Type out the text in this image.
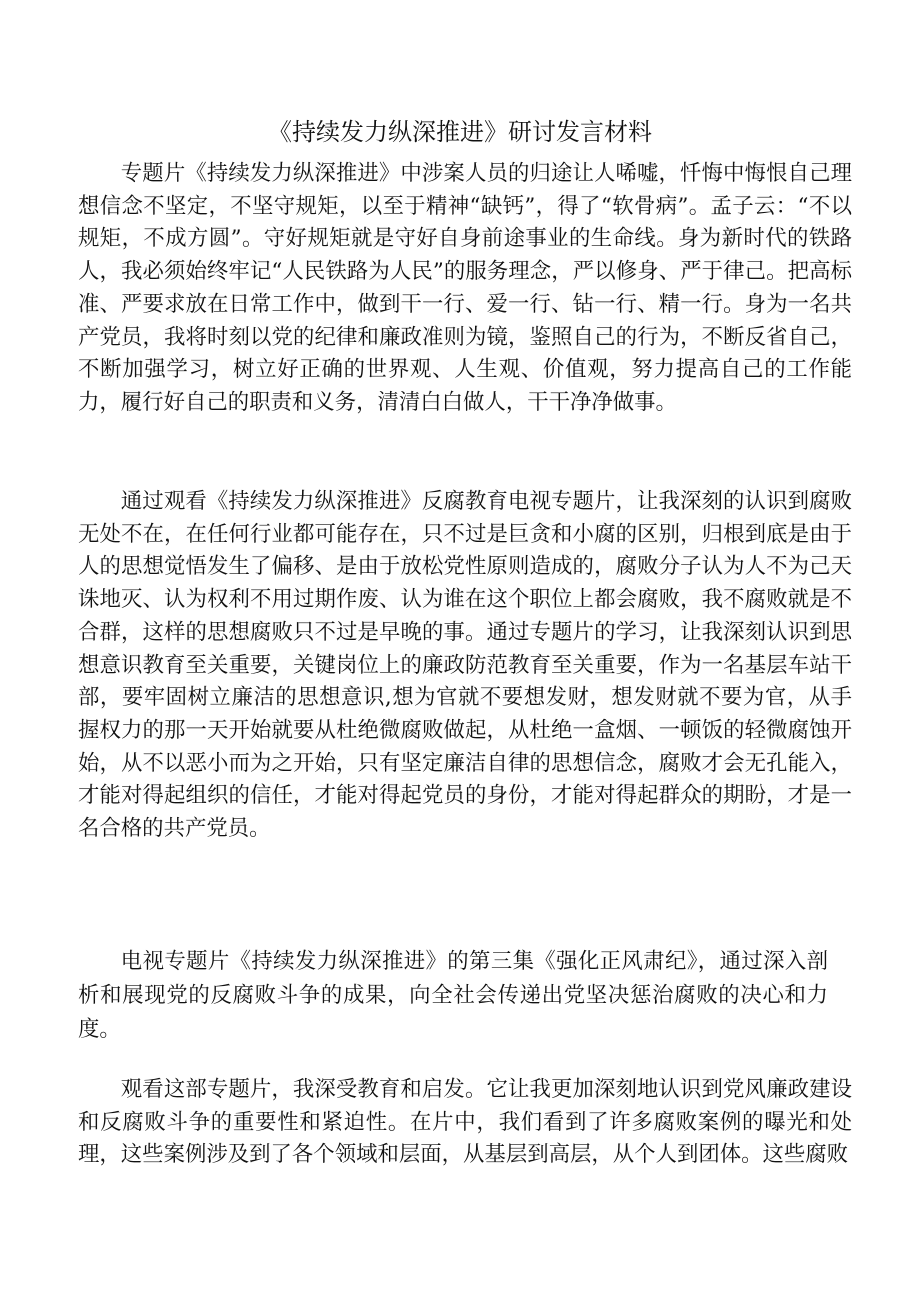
《持续发力纵深推进》研讨发言材料

专题片《持续发力纵深推进》中涉案人员的归途让人唏嘘，忏悔中悔恨自己理想信念不坚定，不坚守规矩，以至于精神“缺钙”，得了“软骨病”。孟子云：“不以规矩，不成方圆”。守好规矩就是守好自身前途事业的生命线。身为新时代的铁路人，我必须始终牢记“人民铁路为人民”的服务理念，严以修身、严于律己。把高标准、严要求放在日常工作中，做到干一行、爱一行、钻一行、精一行。身为一名共产党员，我将时刻以党的纪律和廉政准则为镜，鉴照自己的行为，不断反省自己，不断加强学习，树立好正确的世界观、人生观、价值观，努力提高自己的工作能力，履行好自己的职责和义务，清清白白做人，干干净净做事。

通过观看《持续发力纵深推进》反腐教育电视专题片，让我深刻的认识到腐败无处不在，在任何行业都可能存在，只不过是巨贪和小腐的区别，归根到底是由于人的思想觉悟发生了偏移、是由于放松党性原则造成的，腐败分子认为人不为己天诛地灭、认为权利不用过期作废、认为谁在这个职位上都会腐败，我不腐败就是不合群，这样的思想腐败只不过是早晚的事。通过专题片的学习，让我深刻认识到思想意识教育至关重要，关键岗位上的廉政防范教育至关重要，作为一名基层车站干部，要牢固树立廉洁的思想意识,想为官就不要想发财，想发财就不要为官，从手握权力的那一天开始就要从杜绝微腐败做起，从杜绝一盒烟、一顿饭的轻微腐蚀开始，从不以恶小而为之开始，只有坚定廉洁自律的思想信念，腐败才会无孔能入，才能对得起组织的信任，才能对得起党员的身份，才能对得起群众的期盼，才是一名合格的共产党员。

电视专题片《持续发力纵深推进》的第三集《强化正风肃纪》，通过深入剖析和展现党的反腐败斗争的成果，向全社会传递出党坚决惩治腐败的决心和力度。

观看这部专题片，我深受教育和启发。它让我更加深刻地认识到党风廉政建设和反腐败斗争的重要性和紧迫性。在片中，我们看到了许多腐败案例的曝光和处理，这些案例涉及到了各个领域和层面，从基层到高层，从个人到团体。这些腐败
